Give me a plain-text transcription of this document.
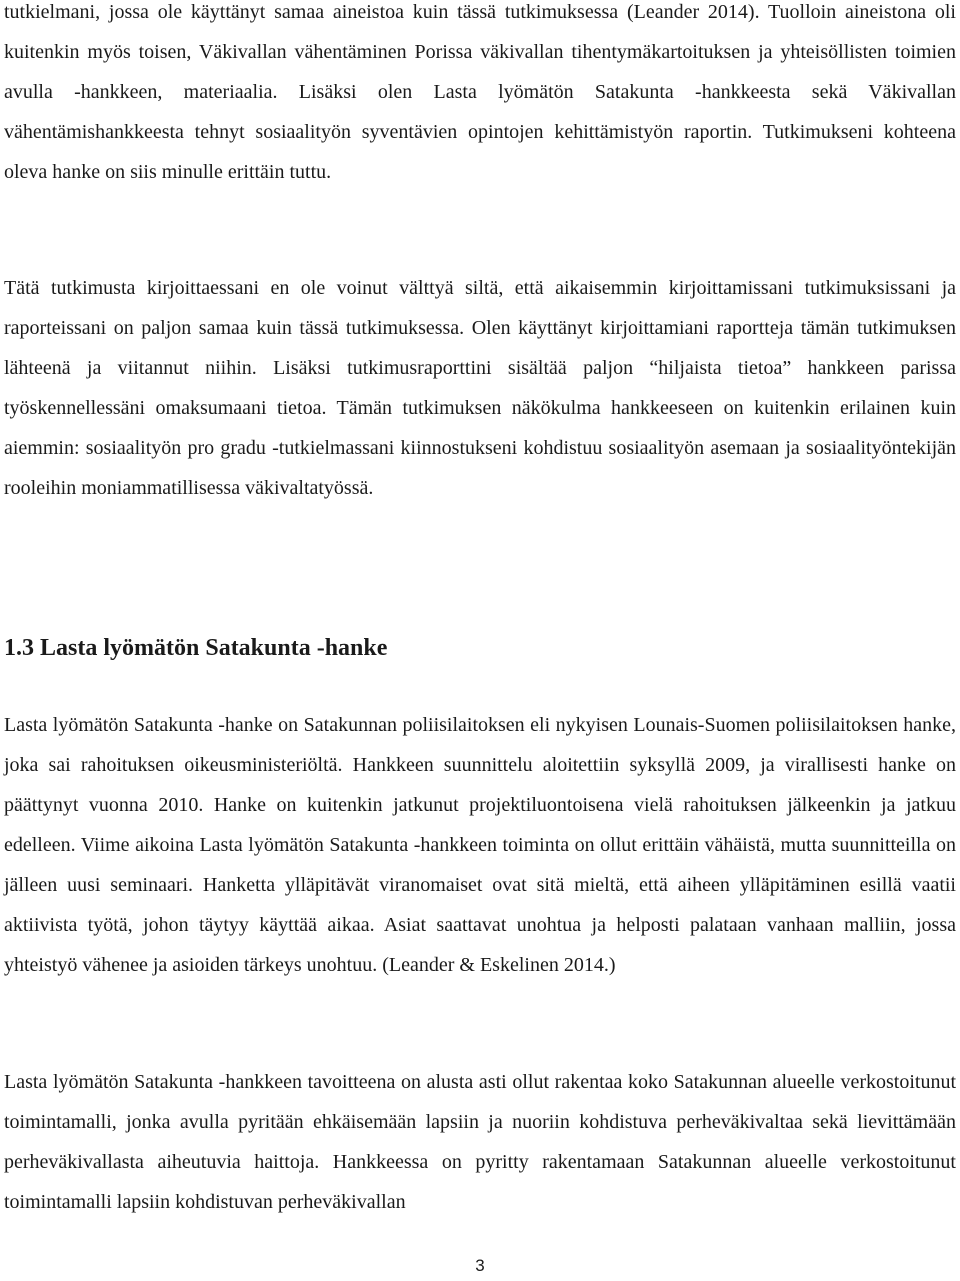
tutkielmani, jossa ole käyttänyt samaa aineistoa kuin tässä tutkimuksessa (Leander 2014). Tuolloin aineistona oli kuitenkin myös toisen, Väkivallan vähentäminen Porissa väkivallan tihentymäkartoituksen ja yhteisöllisten toimien avulla -hankkeen, materiaalia. Lisäksi olen Lasta lyömätön Satakunta -hankkeesta sekä Väkivallan vähentämishankkeesta tehnyt sosiaalityön syventävien opintojen kehittämistyön raportin. Tutkimukseni kohteena oleva hanke on siis minulle erittäin tuttu.

Tätä tutkimusta kirjoittaessani en ole voinut välttyä siltä, että aikaisemmin kirjoittamissani tutkimuksissani ja raporteissani on paljon samaa kuin tässä tutkimuksessa. Olen käyttänyt kirjoittamiani raportteja tämän tutkimuksen lähteenä ja viitannut niihin. Lisäksi tutkimusraporttini sisältää paljon “hiljaista tietoa” hankkeen parissa työskennellessäni omaksumaani tietoa. Tämän tutkimuksen näkökulma hankkeeseen on kuitenkin erilainen kuin aiemmin: sosiaalityön pro gradu -tutkielmassani kiinnostukseni kohdistuu sosiaalityön asemaan ja sosiaalityöntekijän rooleihin moniammatillisessa väkivaltatyössä.

1.3 Lasta lyömätön Satakunta -hanke

Lasta lyömätön Satakunta -hanke on Satakunnan poliisilaitoksen eli nykyisen Lounais-Suomen poliisilaitoksen hanke, joka sai rahoituksen oikeusministeriöltä. Hankkeen suunnittelu aloitettiin syksyllä 2009, ja virallisesti hanke on päättynyt vuonna 2010. Hanke on kuitenkin jatkunut projektiluontoisena vielä rahoituksen jälkeenkin ja jatkuu edelleen. Viime aikoina Lasta lyömätön Satakunta -hankkeen toiminta on ollut erittäin vähäistä, mutta suunnitteilla on jälleen uusi seminaari. Hanketta ylläpitävät viranomaiset ovat sitä mieltä, että aiheen ylläpitäminen esillä vaatii aktiivista työtä, johon täytyy käyttää aikaa. Asiat saattavat unohtua ja helposti palataan vanhaan malliin, jossa yhteistyö vähenee ja asioiden tärkeys unohtuu. (Leander & Eskelinen 2014.)

Lasta lyömätön Satakunta -hankkeen tavoitteena on alusta asti ollut rakentaa koko Satakunnan alueelle verkostoitunut toimintamalli, jonka avulla pyritään ehkäisemään lapsiin ja nuoriin kohdistuva perheväkivaltaa sekä lievittämään perheväkivallasta aiheutuvia haittoja. Hankkeessa on pyritty rakentamaan Satakunnan alueelle verkostoitunut toimintamalli lapsiin kohdistuvan perheväkivallan

3
